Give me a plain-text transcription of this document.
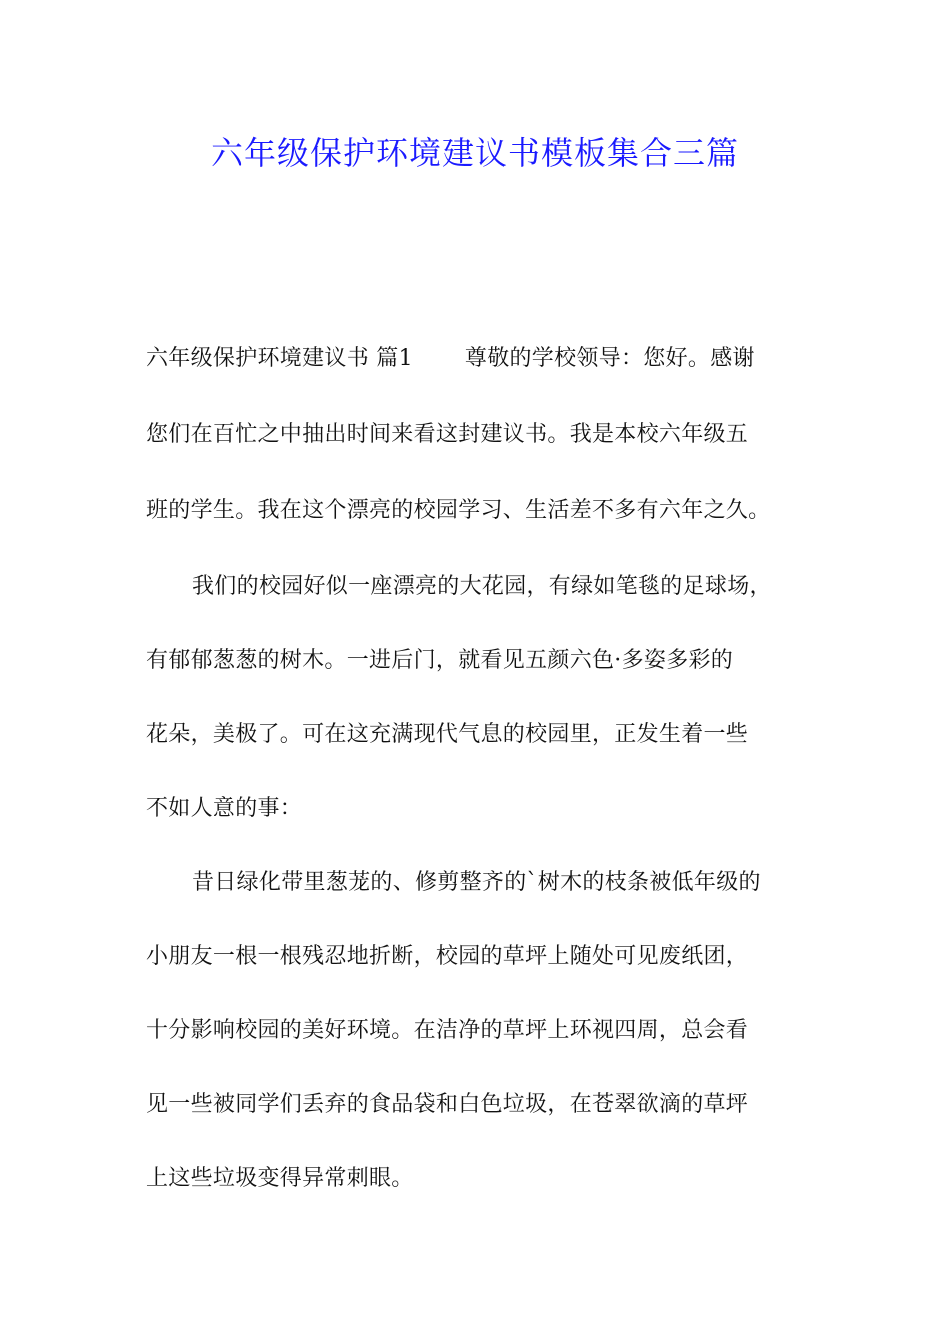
六年级保护环境建议书模板集合三篇
六年级保护环境建议书 篇1 尊敬的学校领导：您好。感谢
您们在百忙之中抽出时间来看这封建议书。我是本校六年级五
班的学生。我在这个漂亮的校园学习、生活差不多有六年之久。
我们的校园好似一座漂亮的大花园，有绿如笔毯的足球场，
有郁郁葱葱的树木。一进后门，就看见五颜六色·多姿多彩的
花朵，美极了。可在这充满现代气息的校园里，正发生着一些
不如人意的事：
昔日绿化带里葱茏的、修剪整齐的`树木的枝条被低年级的
小朋友一根一根残忍地折断，校园的草坪上随处可见废纸团，
十分影响校园的美好环境。在洁净的草坪上环视四周，总会看
见一些被同学们丢弃的食品袋和白色垃圾，在苍翠欲滴的草坪
上这些垃圾变得异常刺眼。
